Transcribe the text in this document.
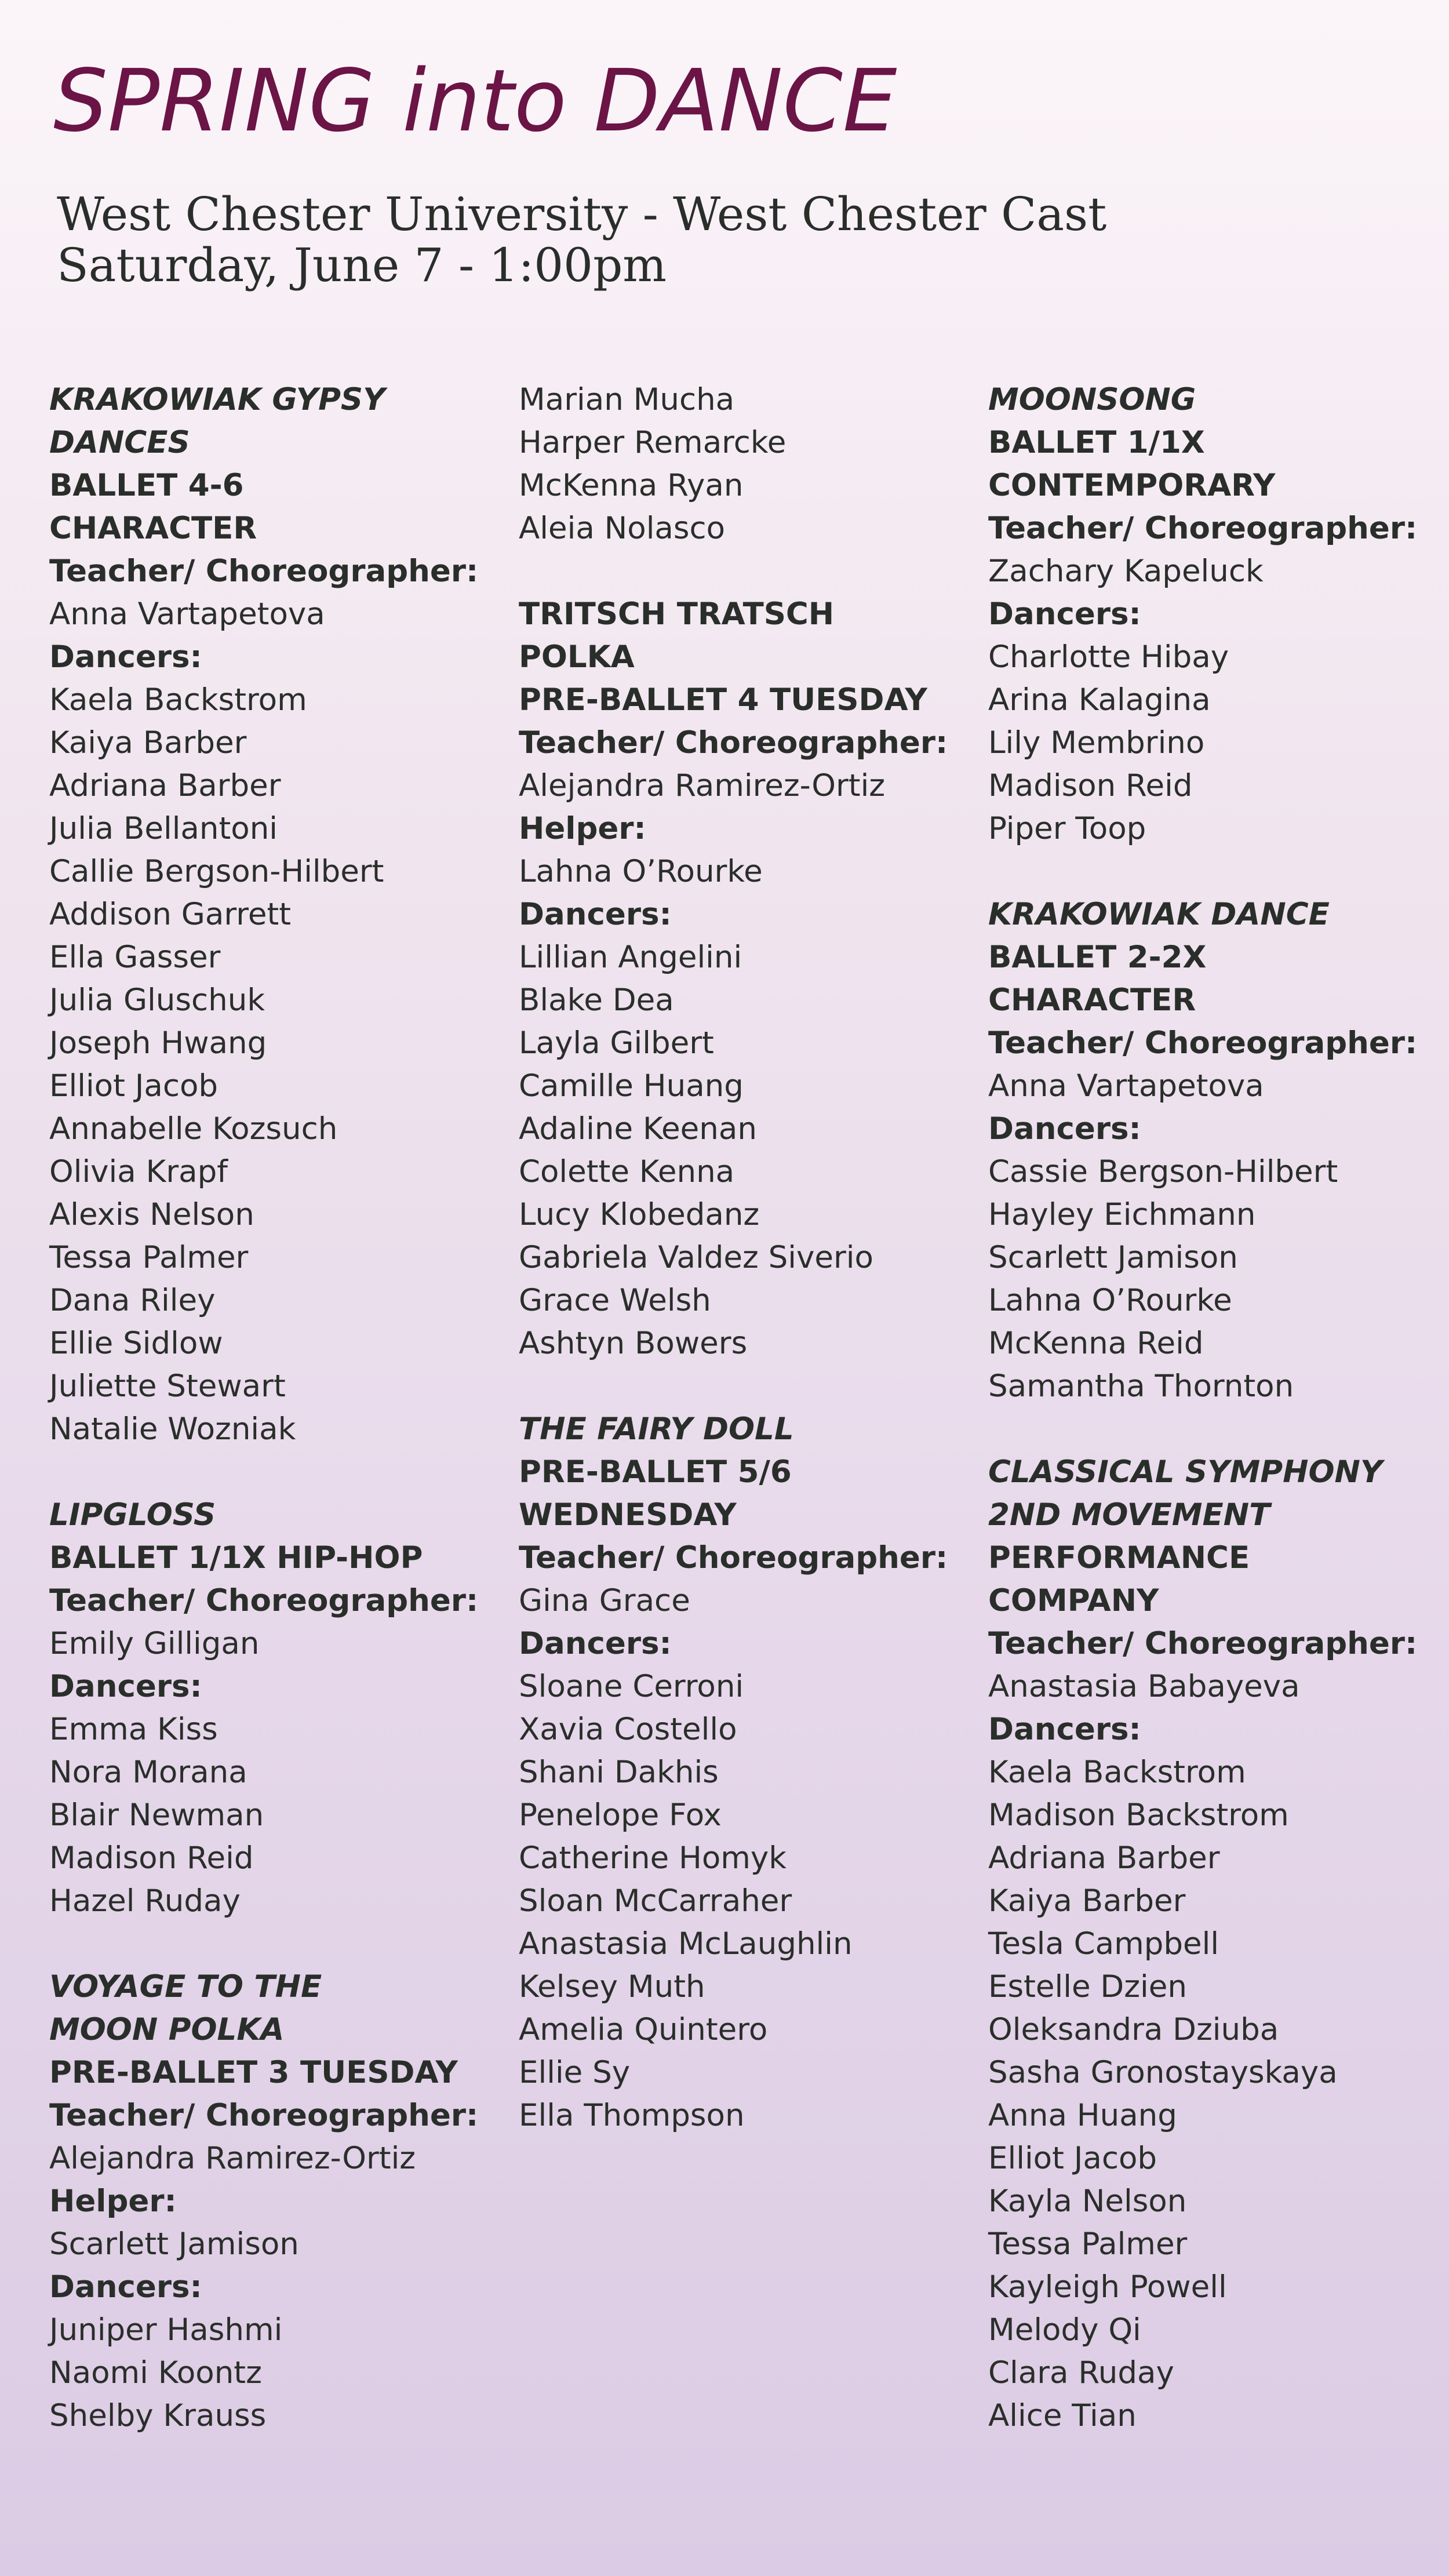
SPRING into DANCE
West Chester University - West Chester Cast
Saturday, June 7 - 1:00pm
KRAKOWIAK GYPSY
DANCES
BALLET 4-6
CHARACTER
Teacher/ Choreographer:
Anna Vartapetova
Dancers:
Kaela Backstrom
Kaiya Barber
Adriana Barber
Julia Bellantoni
Callie Bergson-Hilbert
Addison Garrett
Ella Gasser
Julia Gluschuk
Joseph Hwang
Elliot Jacob
Annabelle Kozsuch
Olivia Krapf
Alexis Nelson
Tessa Palmer
Dana Riley
Ellie Sidlow
Juliette Stewart
Natalie Wozniak
LIPGLOSS
BALLET 1/1X HIP-HOP
Teacher/ Choreographer:
Emily Gilligan
Dancers:
Emma Kiss
Nora Morana
Blair Newman
Madison Reid
Hazel Ruday
VOYAGE TO THE
MOON POLKA
PRE-BALLET 3 TUESDAY
Teacher/ Choreographer:
Alejandra Ramirez-Ortiz
Helper:
Scarlett Jamison
Dancers:
Juniper Hashmi
Naomi Koontz
Shelby Krauss
Marian Mucha
Harper Remarcke
McKenna Ryan
Aleia Nolasco
TRITSCH TRATSCH
POLKA
PRE-BALLET 4 TUESDAY
Teacher/ Choreographer:
Alejandra Ramirez-Ortiz
Helper:
Lahna O’Rourke
Dancers:
Lillian Angelini
Blake Dea
Layla Gilbert
Camille Huang
Adaline Keenan
Colette Kenna
Lucy Klobedanz
Gabriela Valdez Siverio
Grace Welsh
Ashtyn Bowers
THE FAIRY DOLL
PRE-BALLET 5/6
WEDNESDAY
Teacher/ Choreographer:
Gina Grace
Dancers:
Sloane Cerroni
Xavia Costello
Shani Dakhis
Penelope Fox
Catherine Homyk
Sloan McCarraher
Anastasia McLaughlin
Kelsey Muth
Amelia Quintero
Ellie Sy
Ella Thompson
MOONSONG
BALLET 1/1X
CONTEMPORARY
Teacher/ Choreographer:
Zachary Kapeluck
Dancers:
Charlotte Hibay
Arina Kalagina
Lily Membrino
Madison Reid
Piper Toop
KRAKOWIAK DANCE
BALLET 2-2X
CHARACTER
Teacher/ Choreographer:
Anna Vartapetova
Dancers:
Cassie Bergson-Hilbert
Hayley Eichmann
Scarlett Jamison
Lahna O’Rourke
McKenna Reid
Samantha Thornton
CLASSICAL SYMPHONY
2ND MOVEMENT
PERFORMANCE
COMPANY
Teacher/ Choreographer:
Anastasia Babayeva
Dancers:
Kaela Backstrom
Madison Backstrom
Adriana Barber
Kaiya Barber
Tesla Campbell
Estelle Dzien
Oleksandra Dziuba
Sasha Gronostayskaya
Anna Huang
Elliot Jacob
Kayla Nelson
Tessa Palmer
Kayleigh Powell
Melody Qi
Clara Ruday
Alice Tian
